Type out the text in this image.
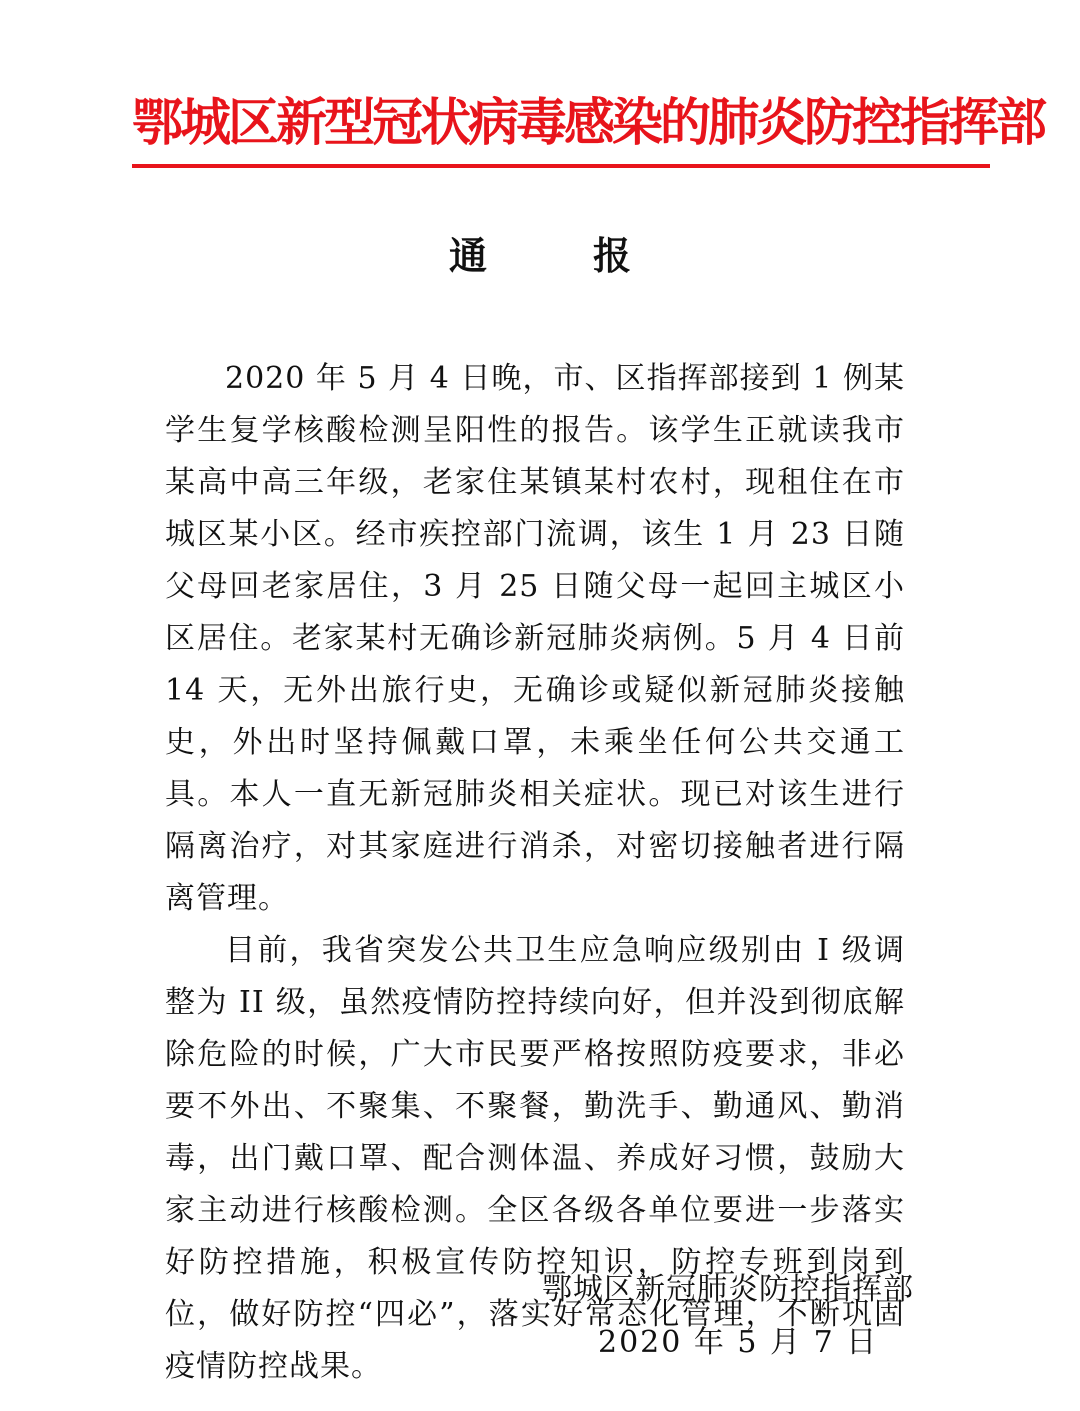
鄂城区新型冠状病毒感染的肺炎防控指挥部
通	报

2020 年 5 月 4 日晚，市、区指挥部接到 1 例某学生复学核酸检测呈阳性的报告。该学生正就读我市某高中高三年级，老家住某镇某村农村，现租住在市城区某小区。经市疾控部门流调，该生 1 月 23 日随父母回老家居住，3 月 25 日随父母一起回主城区小区居住。老家某村无确诊新冠肺炎病例。5 月 4 日前 14 天，无外出旅行史，无确诊或疑似新冠肺炎接触史，外出时坚持佩戴口罩，未乘坐任何公共交通工具。本人一直无新冠肺炎相关症状。现已对该生进行隔离治疗，对其家庭进行消杀，对密切接触者进行隔离管理。

目前，我省突发公共卫生应急响应级别由 I 级调整为 II 级，虽然疫情防控持续向好，但并没到彻底解除危险的时候，广大市民要严格按照防疫要求，非必要不外出、不聚集、不聚餐，勤洗手、勤通风、勤消毒，出门戴口罩、配合测体温、养成好习惯，鼓励大家主动进行核酸检测。全区各级各单位要进一步落实好防控措施，积极宣传防控知识，防控专班到岗到位，做好防控“四必”，落实好常态化管理，不断巩固疫情防控战果。

鄂城区新冠肺炎防控指挥部
2020 年 5 月 7 日
